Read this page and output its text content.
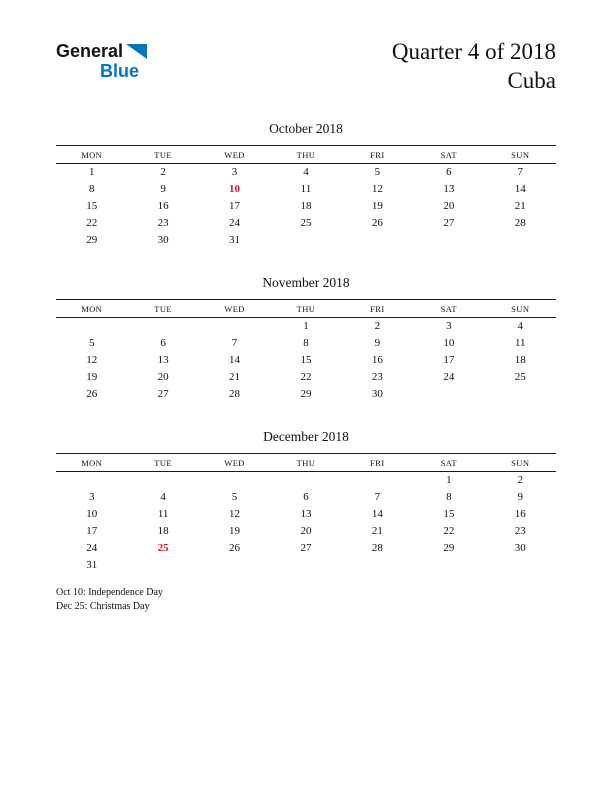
General
Blue
Quarter 4 of 2018
Cuba
October 2018
MON	TUE	WED	THU	FRI	SAT	SUN
1	2	3	4	5	6	7
8	9	10	11	12	13	14
15	16	17	18	19	20	21
22	23	24	25	26	27	28
29	30	31				
November 2018
MON	TUE	WED	THU	FRI	SAT	SUN
			1	2	3	4
5	6	7	8	9	10	11
12	13	14	15	16	17	18
19	20	21	22	23	24	25
26	27	28	29	30		
December 2018
MON	TUE	WED	THU	FRI	SAT	SUN
					1	2
3	4	5	6	7	8	9
10	11	12	13	14	15	16
17	18	19	20	21	22	23
24	25	26	27	28	29	30
31						
Oct 10: Independence Day
Dec 25: Christmas Day
